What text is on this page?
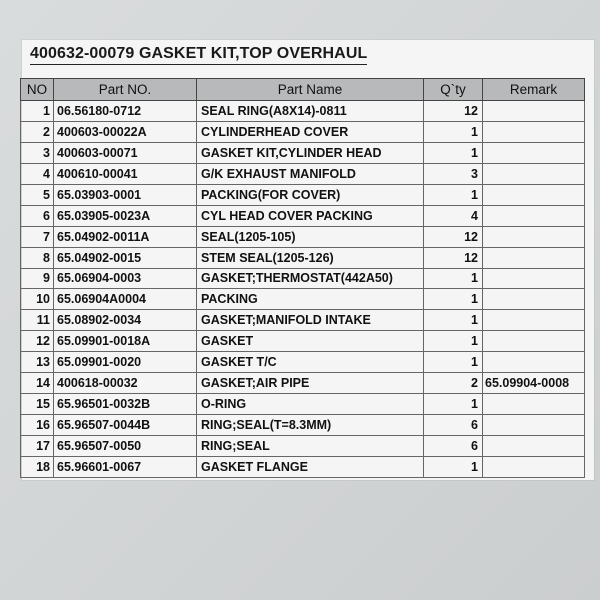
400632-00079 GASKET KIT,TOP OVERHAUL
NO	Part NO.	Part Name	Q`ty	Remark
1	06.56180-0712	SEAL RING(A8X14)-0811	12	
2	400603-00022A	CYLINDERHEAD COVER	1	
3	400603-00071	GASKET KIT,CYLINDER HEAD	1	
4	400610-00041	G/K EXHAUST MANIFOLD	3	
5	65.03903-0001	PACKING(FOR COVER)	1	
6	65.03905-0023A	CYL HEAD COVER PACKING	4	
7	65.04902-0011A	SEAL(1205-105)	12	
8	65.04902-0015	STEM SEAL(1205-126)	12	
9	65.06904-0003	GASKET;THERMOSTAT(442A50)	1	
10	65.06904A0004	PACKING	1	
11	65.08902-0034	GASKET;MANIFOLD INTAKE	1	
12	65.09901-0018A	GASKET	1	
13	65.09901-0020	GASKET T/C	1	
14	400618-00032	GASKET;AIR PIPE	2	65.09904-0008
15	65.96501-0032B	O-RING	1	
16	65.96507-0044B	RING;SEAL(T=8.3MM)	6	
17	65.96507-0050	RING;SEAL	6	
18	65.96601-0067	GASKET FLANGE	1	
